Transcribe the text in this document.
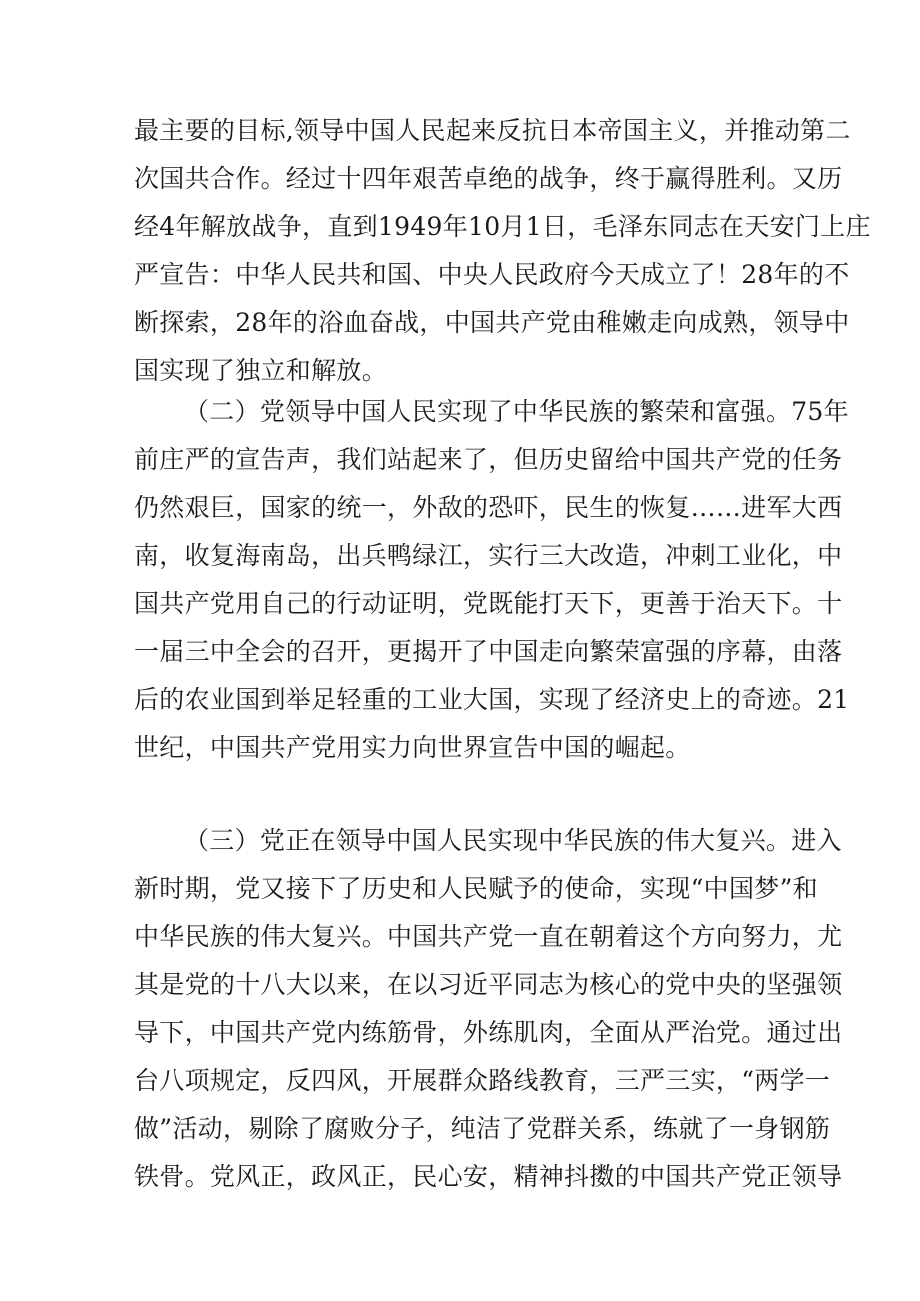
最主要的目标,领导中国人民起来反抗日本帝国主义，并推动第二
次国共合作。经过十四年艰苦卓绝的战争，终于赢得胜利。又历
经4年解放战争，直到1949年10月1日，毛泽东同志在天安门上庄
严宣告：中华人民共和国、中央人民政府今天成立了！28年的不
断探索，28年的浴血奋战，中国共产党由稚嫩走向成熟，领导中
国实现了独立和解放。
（二）党领导中国人民实现了中华民族的繁荣和富强。75年
前庄严的宣告声，我们站起来了，但历史留给中国共产党的任务
仍然艰巨，国家的统一，外敌的恐吓，民生的恢复……进军大西
南，收复海南岛，出兵鸭绿江，实行三大改造，冲刺工业化，中
国共产党用自己的行动证明，党既能打天下，更善于治天下。十
一届三中全会的召开，更揭开了中国走向繁荣富强的序幕，由落
后的农业国到举足轻重的工业大国，实现了经济史上的奇迹。21
世纪，中国共产党用实力向世界宣告中国的崛起。
（三）党正在领导中国人民实现中华民族的伟大复兴。进入
新时期，党又接下了历史和人民赋予的使命，实现“中国梦”和
中华民族的伟大复兴。中国共产党一直在朝着这个方向努力，尤
其是党的十八大以来，在以习近平同志为核心的党中央的坚强领
导下，中国共产党内练筋骨，外练肌肉，全面从严治党。通过出
台八项规定，反四风，开展群众路线教育，三严三实，“两学一
做”活动，剔除了腐败分子，纯洁了党群关系，练就了一身钢筋
铁骨。党风正，政风正，民心安，精神抖擞的中国共产党正领导
